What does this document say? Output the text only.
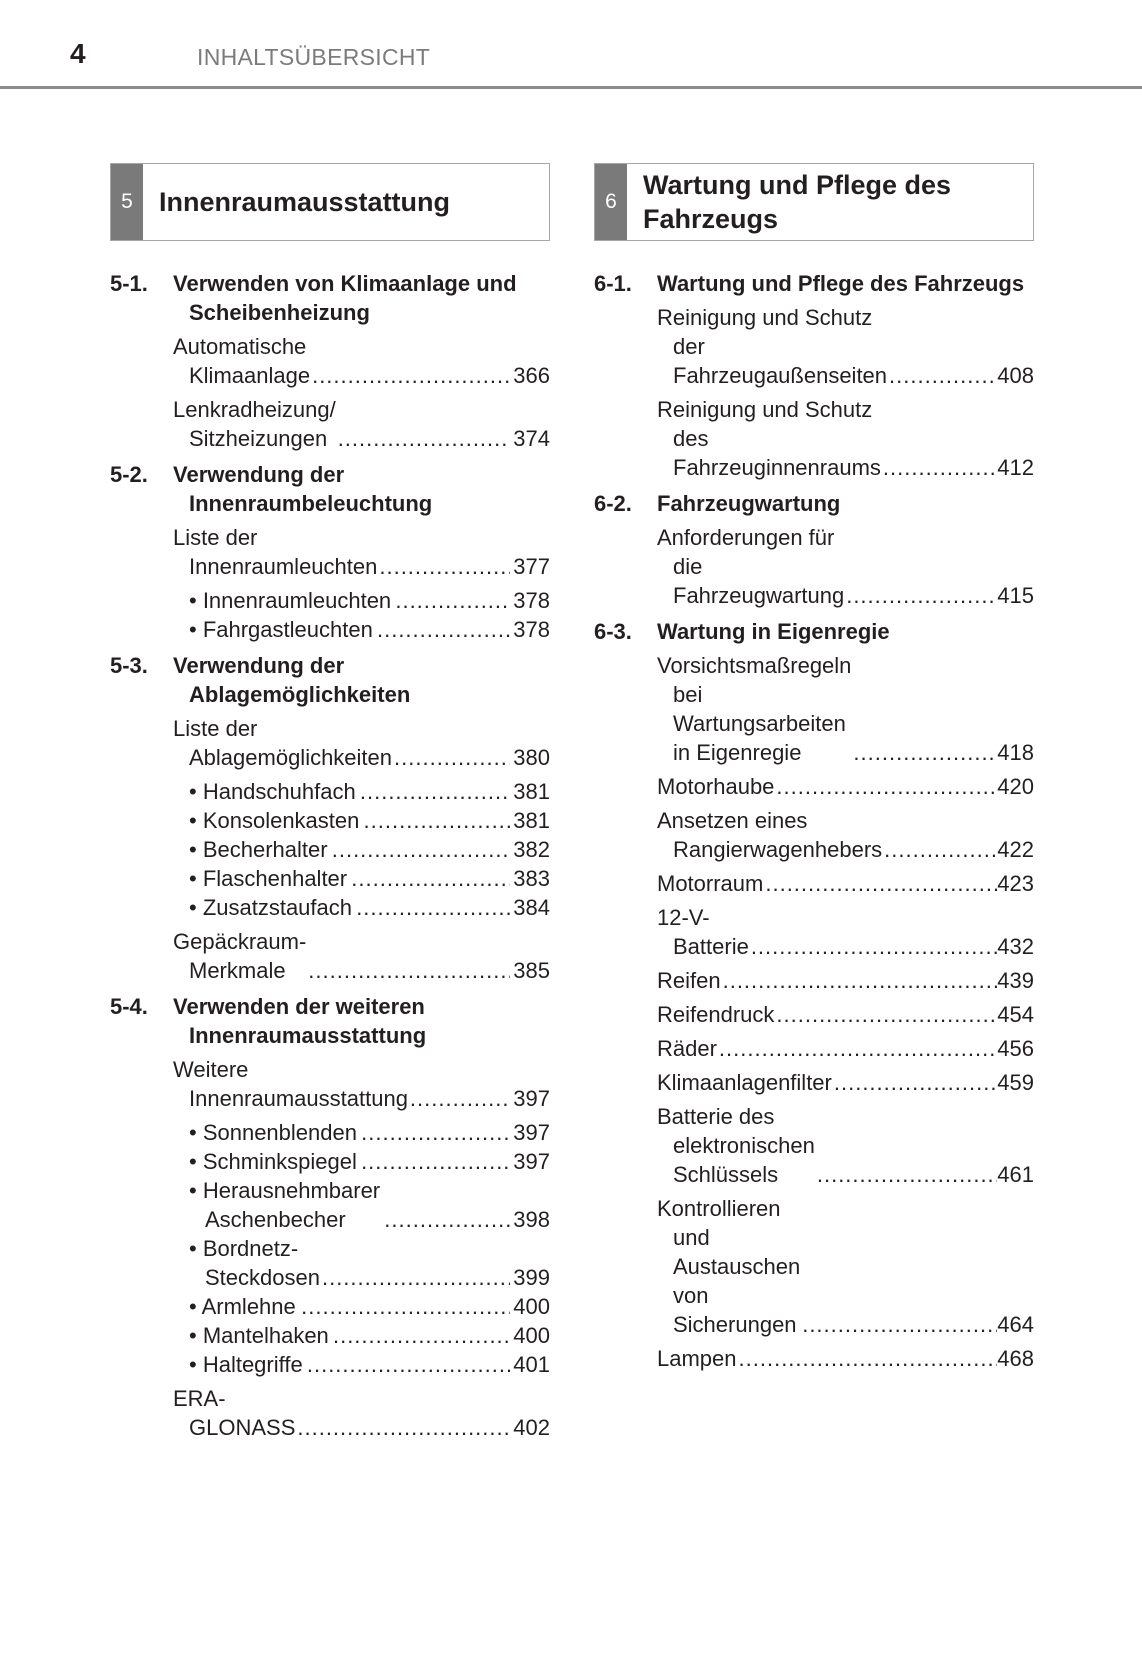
4	INHALTSÜBERSICHT
5 Innenraumausstattung
5-1. Verwenden von Klimaanlage und Scheibenheizung
Automatische Klimaanlage .....	366
Lenkradheizung/ Sitzheizungen .....	374
5-2. Verwendung der Innenraumbeleuchtung
Liste der Innenraumleuchten .....	377
• Innenraumleuchten .....	378
• Fahrgastleuchten .....	378
5-3. Verwendung der Ablagemöglichkeiten
Liste der Ablagemöglichkeiten .....	380
• Handschuhfach .....	381
• Konsolenkasten .....	381
• Becherhalter .....	382
• Flaschenhalter .....	383
• Zusatzstaufach .....	384
Gepäckraum-Merkmale .....	385
5-4. Verwenden der weiteren Innenraumausstattung
Weitere Innenraumausstattung .....	397
• Sonnenblenden .....	397
• Schminkspiegel .....	397
• Herausnehmbarer Aschenbecher .....	398
• Bordnetz-Steckdosen .....	399
• Armlehne .....	400
• Mantelhaken .....	400
• Haltegriffe .....	401
ERA-GLONASS .....	402
6
Wartung und Pflege des Fahrzeugs
6-1. Wartung und Pflege des Fahrzeugs
Reinigung und Schutz der Fahrzeugaußenseiten .....	408
Reinigung und Schutz des Fahrzeuginnenraums .....	412
6-2. Fahrzeugwartung
Anforderungen für die Fahrzeugwartung .....	415
6-3. Wartung in Eigenregie
Vorsichtsmaßregeln bei Wartungsarbeiten in Eigenregie .....	418
Motorhaube .....	420
Ansetzen eines Rangierwagenhebers .....	422
Motorraum .....	423
12-V-Batterie .....	432
Reifen .....	439
Reifendruck .....	454
Räder .....	456
Klimaanlagenfilter .....	459
Batterie des elektronischen Schlüssels .....	461
Kontrollieren und Austauschen von Sicherungen .....	464
Lampen .....	468
